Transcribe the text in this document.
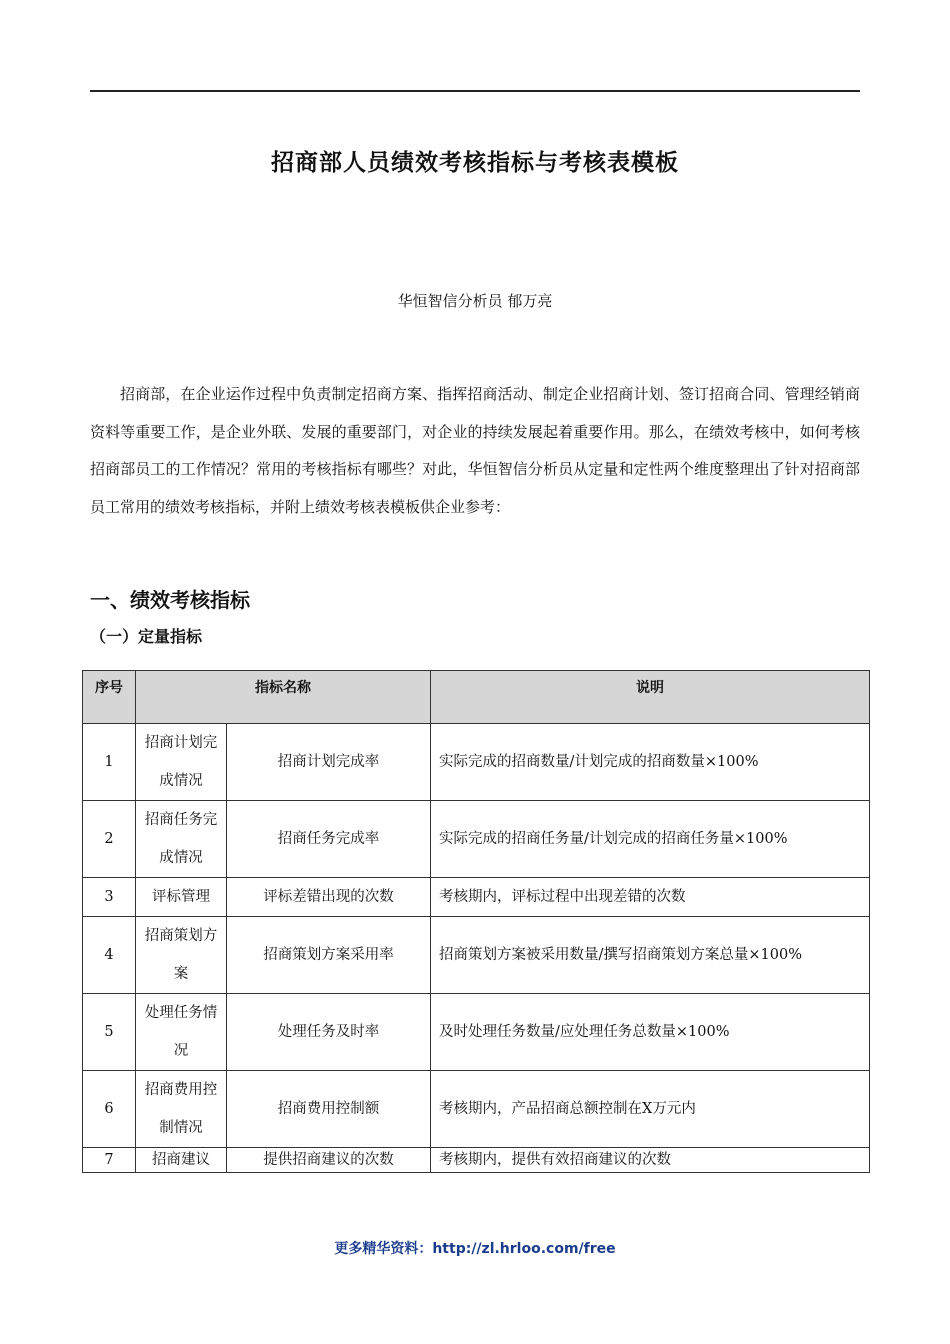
招商部人员绩效考核指标与考核表模板
华恒智信分析员 郁万亮

招商部，在企业运作过程中负责制定招商方案、指挥招商活动、制定企业招商计划、签订招商合同、管理经销商资料等重要工作，是企业外联、发展的重要部门，对企业的持续发展起着重要作用。那么，在绩效考核中，如何考核招商部员工的工作情况？常用的考核指标有哪些？对此，华恒智信分析员从定量和定性两个维度整理出了针对招商部员工常用的绩效考核指标，并附上绩效考核表模板供企业参考：

一、绩效考核指标
（一）定量指标
序号	指标名称		说明
1	招商计划完成情况	招商计划完成率	实际完成的招商数量/计划完成的招商数量×100%
2	招商任务完成情况	招商任务完成率	实际完成的招商任务量/计划完成的招商任务量×100%
3	评标管理	评标差错出现的次数	考核期内，评标过程中出现差错的次数
4	招商策划方案	招商策划方案采用率	招商策划方案被采用数量/撰写招商策划方案总量×100%
5	处理任务情况	处理任务及时率	及时处理任务数量/应处理任务总数量×100%
6	招商费用控制情况	招商费用控制额	考核期内，产品招商总额控制在X万元内
7	招商建议	提供招商建议的次数	考核期内，提供有效招商建议的次数
更多精华资料：http://zl.hrloo.com/free
